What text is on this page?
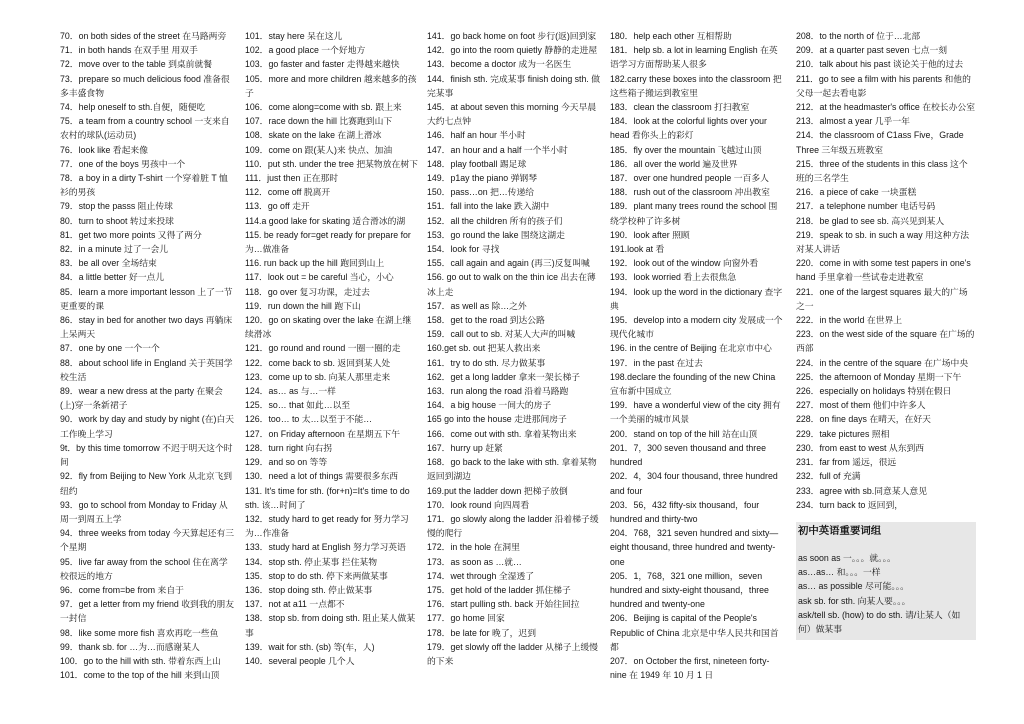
70．on both sides of the street 在马路两旁
71．in both hands 在双手里 用双手
72．move over to the table 到桌前就餐
73．prepare so much delicious food 准备很多丰盛食物
74．help oneself to sth.自便，随便吃
75．a team from a country school 一支来自农村的球队(运动员)
76．look like 看起来像
77．one of the boys 男孩中一个
78．a boy in a dirty T-shirt 一个穿着脏 T 恤衫的男孩
79．stop the passs 阻止传球
80．turn to shoot 转过来投球
81．get two more points 又得了两分
82．in a minute 过了一会儿
83．be all over 全场结束
84．a little better 好一点儿
85．learn a more important lesson 上了一节更重要的课
86．stay in bed for another two days 再躺床上呆两天
87．one by one 一个一个
88．about school life in England 关于英国学校生活
89．wear a new dress at the party 在聚会(上)穿一条新裙子
90．work by day and study by night (在)白天工作晚上学习
9t．by this time tomorrow 不迟于明天这个时间
92．fly from Beijing to New York 从北京飞到纽约
93．go to school from Monday to Friday 从周一到周五上学
94．three weeks from today 今天算起还有三个星期
95．live far away from the school 住在离学校很远的地方
96．come from=be from 来自于
97．get a letter from my friend 收到我的朋友一封信
98．like some more fish 喜欢再吃一些鱼
99．thank sb. for …为…而感谢某人
100．go to the hill with sth. 带着东西上山
101．come to the top of the hill 来到山顶
101．stay here 呆在这儿
102．a good place 一个好地方
103．go faster and faster 走得越来越快
105．more and more children 越来越多的孩子
106．come along=come with sb. 跟上来
107．race down the hill 比赛跑到山下
108．skate on the lake 在湖上滑冰
109．come on 跟(某人)来 快点、加油
110．put sth. under the tree 把某物放在树下
111．just then 正在那时
112．come off 脱离开
113．go off 走开
114.a good lake for skating 适合滑冰的湖
115. be ready for=get ready for prepare for 为…做准备
116. run back up the hill 跑回到山上
117．look out = be careful 当心，小心
118．go over 复习功课，走过去
119．run down the hill 跑下山
120．go on skating over the lake 在湖上继续滑冰
121．go round and round 一圈一圈的走
122．come back to sb. 返回到某人处
123．come up to sb. 向某人那里走来
124．as… as 与…一样
125．so… that 如此…以至
126．too… to 太…以至于不能…
127．on Friday afternoon 在星期五下午
128．turn right 向右拐
129．and so on 等等
130．need a lot of things 需要很多东西
131. It's time for sth. (for+n)=It's time to do sth. 该…时间了
132．study hard to get ready for 努力学习为…作准备
133．study hard at English 努力学习英语
134．stop sth. 停止某事 拦住某物
135．stop to do sth. 停下来两做某事
136．stop doing sth. 停止做某事
137．not at a11 一点都不
138．stop sb. from doing sth. 阻止某人做某事
139．wait for sth. (sb) 等(车，人)
140．several people 几个人
141．go back home on foot 步行(返)回到家
142．go into the room quietly 静静的走进屋
143．become a doctor 成为一名医生
144．finish sth. 完成某事 finish doing sth. 做完某事
145．at about seven this morning 今天早晨大约七点钟
146．half an hour 半小时
147．an hour and a half 一个半小时
148．play football 踢足球
149．p1ay the piano 弹钢琴
150．pass…on 把…传递给
151．fall into the lake 跌入湖中
152．all the children 所有的孩子们
153．go round the lake 围绕这湖走
154．look for 寻找
155．call again and again (再三)反复叫喊
156. go out to walk on the thin ice 出去在薄冰上走
157．as well as 除…之外
158．get to the road 到达公路
159．call out to sb. 对某人大声的叫喊
160.get sb. out 把某人救出来
161．try to do sth. 尽力做某事
162．get a long ladder 拿来一架长梯子
163．run along the road 沿着马路跑
164．a big house 一间大的房子
165 go into the house 走进那间房子
166．come out with sth. 拿着某物出来
167．hurry up 赶紧
168．go back to the lake with sth. 拿着某物返回到湖边
169.put the ladder down 把梯子放倒
170．look round 向四周看
171．go slowly along the ladder 沿着梯子缓慢的爬行
172．in the hole 在洞里
173．as soon as …就…
174．wet through 全湿透了
175．get hold of the ladder 抓住梯子
176．start pulling sth. back 开始往回拉
177．go home 回家
178．be late for 晚了，迟到
179．get slowly off the ladder 从梯子上缓慢的下来
180．help each other 互相帮助
181．help sb. a lot in learning English 在英语学习方面帮助某人很多
182.carry these boxes into the classroom 把这些箱子搬运到教室里
183．clean the classroom 打扫教室
184．look at the colorful lights over your head 看你头上的彩灯
185．fly over the mountain 飞越过山顶
186．all over the world 遍及世界
187．over one hundred people 一百多人
188．rush out of the classroom 冲出教室
189．plant many trees round the school 围绕学校种了许多树
190．look after 照顾
191.look at 看
192．look out of the window 向窗外看
193．look worried 看上去很焦急
194．look up the word in the dictionary 查字典
195．develop into a modern city 发展成一个现代化城市
196. in the centre of Beijing 在北京市中心
197．in the past 在过去
198.declare the founding of the new China 宣布新中国成立
199．have a wonderful view of the city 拥有一个美丽的城市风景
200．stand on top of the hill 站在山顶
201．7，300 seven thousand and three hundred
202．4，304 four thousand, three hundred and four
203．56，432 fifty-six thousand，four hundred and thirty-two
204．768，321 seven hundred and sixty—eight thousand, three hundred and twenty-one
205．1，768，321 one million，seven hundred and sixty-eight thousand，three hundred and twenty-one
206．Beijing is capital of the People's Republic of China 北京是中华人民共和国首都
207．on October the first, nineteen forty-nine 在 1949 年 10 月 1 日
208．to the north of 位于…北部
209．at a quarter past seven 七点一刻
210．talk about his past 谈论关于他的过去
211．go to see a film with his parents 和他的父母一起去看电影
212．at the headmaster's office 在校长办公室
213．almost a year 几乎一年
214．the classroom of C1ass Five，Grade Three 三年级五班教室
215．three of the students in this class 这个班的三名学生
216．a piece of cake 一块蛋糕
217．a telephone number 电话号码
218．be glad to see sb. 高兴见到某人
219．speak to sb. in such a way 用这种方法对某人讲话
220．come in with some test papers in one's hand 手里拿着一些试卷走进教室
221．one of the largest squares 最大的广场之一
222．in the world 在世界上
223．on the west side of the square 在广场的西部
224．in the centre of the square 在广场中央
225．the afternoon of Monday 星期一下午
226．especially on holidays 特别在假日
227．most of them 他们中许多人
228．on fine days 在晴天，在好天
229．take pictures 照相
230．from east to west 从东到西
231．far from 遥远，很远
232．full of 充满
233．agree with sb.同意某人意见
234．turn back to 返回到，
初中英语重要词组
as soon as 一。。。就。。。
as…as… 和。。。一样
as… as possible 尽可能。。。
ask sb. for sth. 向某人要。。。
ask/tell sb. (how) to do sth. 请/让某人（如何）做某事
